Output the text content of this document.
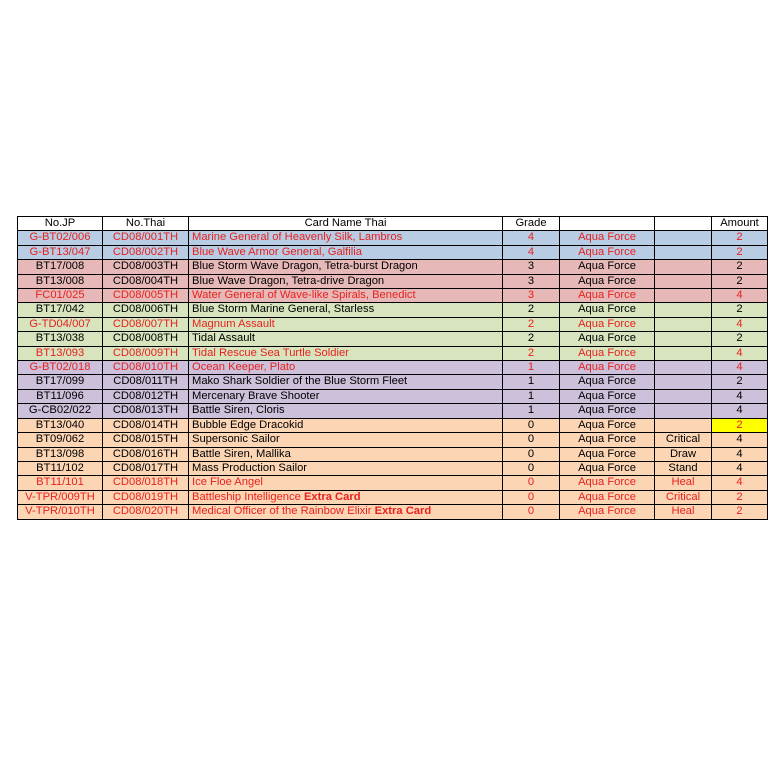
No.JP	No.Thai	Card Name Thai	Grade			Amount
G-BT02/006	CD08/001TH	Marine General of Heavenly Silk, Lambros	4	Aqua Force		2
G-BT13/047	CD08/002TH	Blue Wave Armor General, Galfilia	4	Aqua Force		2
BT17/008	CD08/003TH	Blue Storm Wave Dragon, Tetra-burst Dragon	3	Aqua Force		2
BT13/008	CD08/004TH	Blue Wave Dragon, Tetra-drive Dragon	3	Aqua Force		2
FC01/025	CD08/005TH	Water General of Wave-like Spirals, Benedict	3	Aqua Force		4
BT17/042	CD08/006TH	Blue Storm Marine General, Starless	2	Aqua Force		2
G-TD04/007	CD08/007TH	Magnum Assault	2	Aqua Force		4
BT13/038	CD08/008TH	Tidal Assault	2	Aqua Force		2
BT13/093	CD08/009TH	Tidal Rescue Sea Turtle Soldier	2	Aqua Force		4
G-BT02/018	CD08/010TH	Ocean Keeper, Plato	1	Aqua Force		4
BT17/099	CD08/011TH	Mako Shark Soldier of the Blue Storm Fleet	1	Aqua Force		2
BT11/096	CD08/012TH	Mercenary Brave Shooter	1	Aqua Force		4
G-CB02/022	CD08/013TH	Battle Siren, Cloris	1	Aqua Force		4
BT13/040	CD08/014TH	Bubble Edge Dracokid	0	Aqua Force		2
BT09/062	CD08/015TH	Supersonic Sailor	0	Aqua Force	Critical	4
BT13/098	CD08/016TH	Battle Siren, Mallika	0	Aqua Force	Draw	4
BT11/102	CD08/017TH	Mass Production Sailor	0	Aqua Force	Stand	4
BT11/101	CD08/018TH	Ice Floe Angel	0	Aqua Force	Heal	4
V-TPR/009TH	CD08/019TH	Battleship Intelligence Extra Card	0	Aqua Force	Critical	2
V-TPR/010TH	CD08/020TH	Medical Officer of the Rainbow Elixir Extra Card	0	Aqua Force	Heal	2
